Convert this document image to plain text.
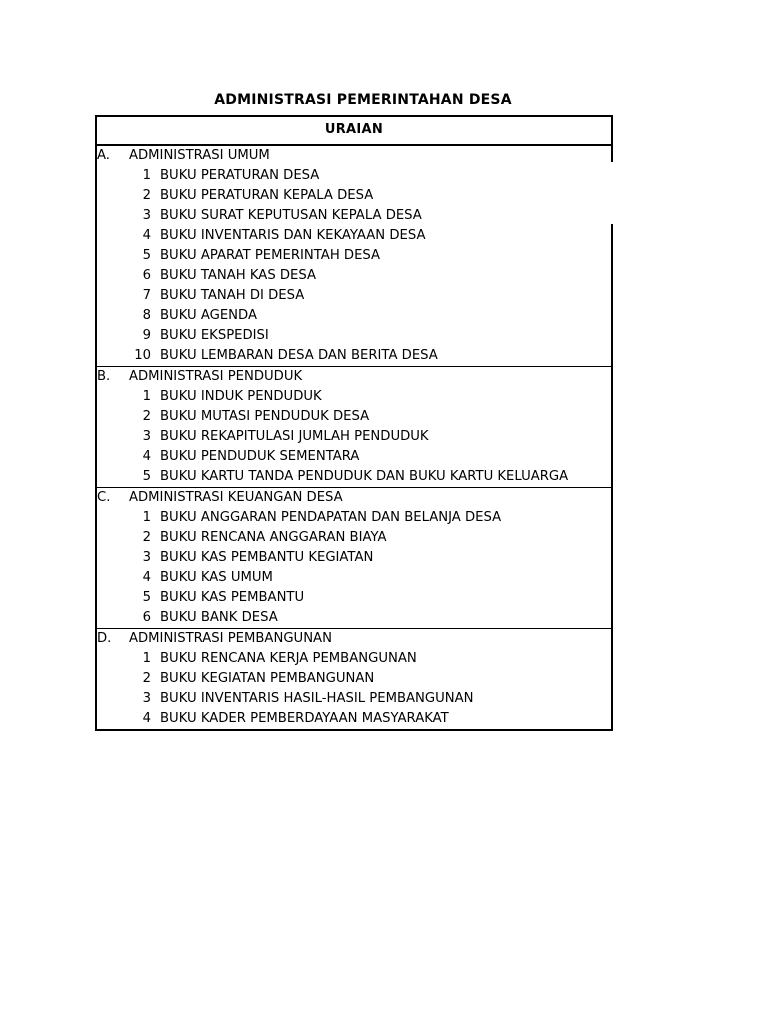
ADMINISTRASI PEMERINTAHAN DESA
URAIAN
A. ADMINISTRASI UMUM
1 BUKU PERATURAN DESA
2 BUKU PERATURAN KEPALA DESA
3 BUKU SURAT KEPUTUSAN KEPALA DESA
4 BUKU INVENTARIS DAN KEKAYAAN DESA
5 BUKU APARAT PEMERINTAH DESA
6 BUKU TANAH KAS DESA
7 BUKU TANAH DI DESA
8 BUKU AGENDA
9 BUKU EKSPEDISI
10 BUKU LEMBARAN DESA DAN BERITA DESA
B. ADMINISTRASI PENDUDUK
1 BUKU INDUK PENDUDUK
2 BUKU MUTASI PENDUDUK DESA
3 BUKU REKAPITULASI JUMLAH PENDUDUK
4 BUKU PENDUDUK SEMENTARA
5 BUKU KARTU TANDA PENDUDUK DAN BUKU KARTU KELUARGA
C. ADMINISTRASI KEUANGAN DESA
1 BUKU ANGGARAN PENDAPATAN DAN BELANJA DESA
2 BUKU RENCANA ANGGARAN BIAYA
3 BUKU KAS PEMBANTU KEGIATAN
4 BUKU KAS UMUM
5 BUKU KAS PEMBANTU
6 BUKU BANK DESA
D. ADMINISTRASI PEMBANGUNAN
1 BUKU RENCANA KERJA PEMBANGUNAN
2 BUKU KEGIATAN PEMBANGUNAN
3 BUKU INVENTARIS HASIL-HASIL PEMBANGUNAN
4 BUKU KADER PEMBERDAYAAN MASYARAKAT
